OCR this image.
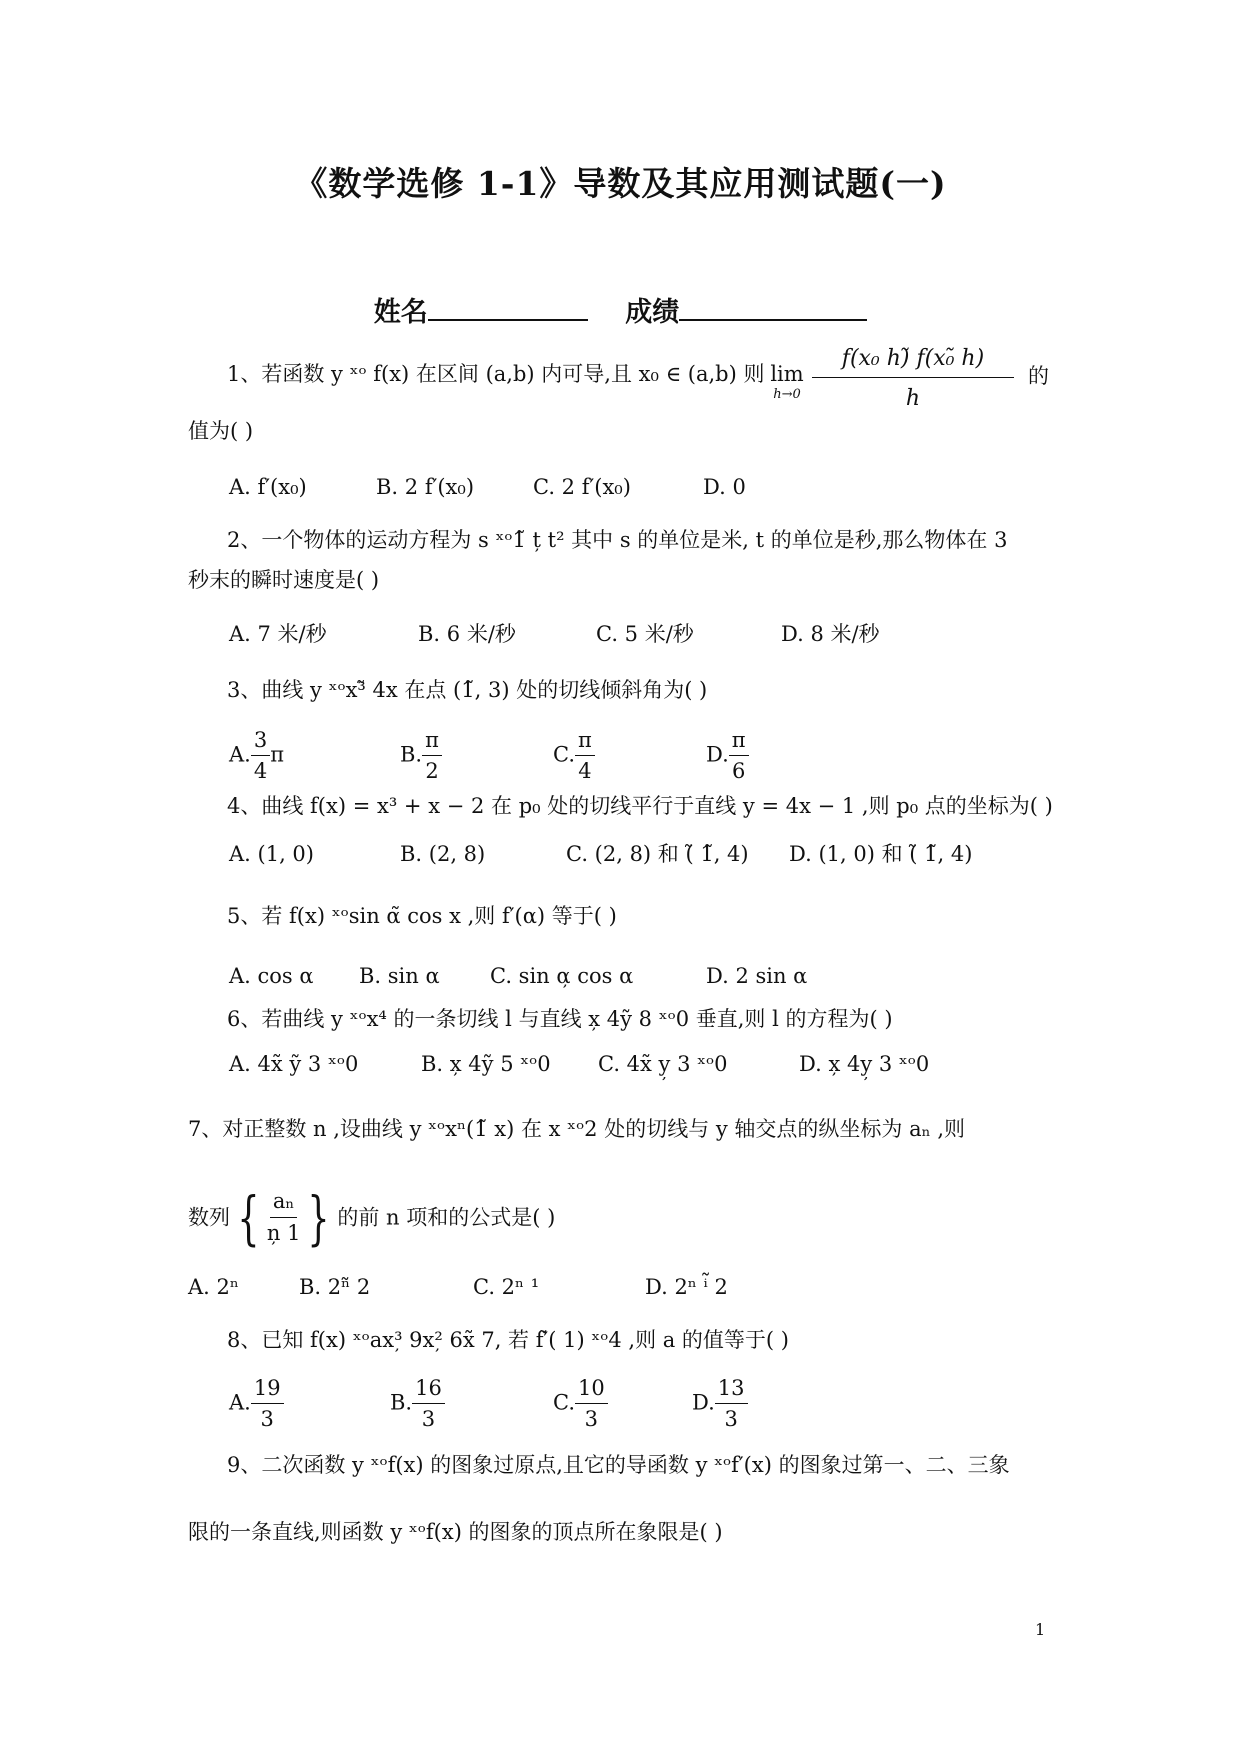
《数学选修 1-1》导数及其应用测试题(一)
姓名	成绩
1、若函数 y ˣᵒ f(x) 在区间 (a,b) 内可导,且 x₀ ∈ (a,b) 则 lim
$h\to 0 \frac{\text{f(x₀ h)̃ f(x₀̃ h)}}{h}$ 的
值为( )
A. f′(x₀)	B. 2 f′(x₀)	C. 2 f′(x₀)	D. 0
2、一个物体的运动方程为 s ˣᵒ1̃ ț t² 其中 s 的单位是米, t 的单位是秒,那么物体在 3
秒末的瞬时速度是( )
A. 7 米/秒	B. 6 米/秒	C. 5 米/秒	D. 8 米/秒
3、曲线 y ˣᵒx³̃ 4x 在点 (1̃, 3) 处的切线倾斜角为( )
A. $\frac{3}{4}$ π	B. $\frac{\pi}{2}$	C. $\frac{\pi}{4}$	D. $\frac{\pi}{6}$
4、曲线 f(x) = x³ + x − 2 在 p₀ 处的切线平行于直线 y = 4x − 1 ,则 p₀ 点的坐标为( )
A. (1, 0)	B. (2, 8)	C. (2, 8) 和 (̃ 1̃, 4) D. (1, 0) 和 (̃ 1̃, 4)
5、若 f(x) ˣᵒsin α̃ cos x ,则 f′(α) 等于( )
A. cos α B. sin α C. sin α̦ cos α	D. 2 sin α
6、若曲线 y ˣᵒx⁴ 的一条切线 l 与直线 x̦ 4ỹ 8 ˣᵒ0 垂直,则 l 的方程为( )
A. 4x̃ ỹ 3 ˣᵒ0	B. x̦ 4ỹ 5 ˣᵒ0 C. 4x̃ y̦ 3 ˣᵒ0	D. x̦ 4y̦ 3 ˣᵒ0
7、对正整数 n ,设曲线 y ˣᵒxⁿ(1̃ x) 在 x ˣᵒ2 处的切线与 y 轴交点的纵坐标为 aₙ ,则
数列 { $\frac{\text{aₙ}}{n̦ 1}$ } 的前 n 项和的公式是( )
A. 2ⁿ	B. 2ⁿ̃ 2	C. 2ⁿ ¹	D. 2ⁿ ⁱ̃ 2
8、已知 f(x) ˣᵒax³̦ 9x²̦ 6x̃ 7, 若 f′̃( 1) ˣᵒ4 ,则 a 的值等于( )
A. $\frac{19}{3}$	B. $\frac{16}{3}$	C. $\frac{10}{3}$	D. $\frac{13}{3}$
9、二次函数 y ˣᵒf(x) 的图象过原点,且它的导函数 y ˣᵒf′(x) 的图象过第一、二、三象
限的一条直线,则函数 y ˣᵒf(x) 的图象的顶点所在象限是( )
1
